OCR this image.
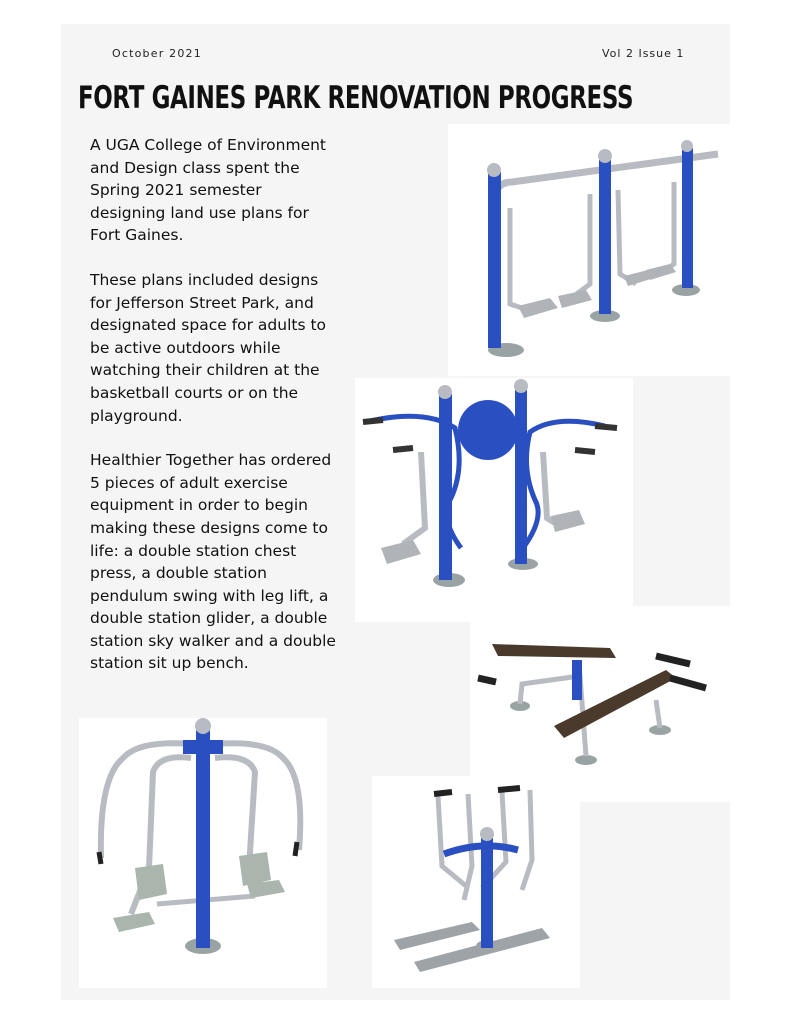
October 2021	Vol 2 Issue 1
FORT GAINES PARK RENOVATION PROGRESS

A UGA College of Environment and Design class spent the Spring 2021 semester designing land use plans for Fort Gaines.

These plans included designs for Jefferson Street Park, and designated space for adults to be active outdoors while watching their children at the basketball courts or on the playground.

Healthier Together has ordered 5 pieces of adult exercise equipment in order to begin making these designs come to life: a double station chest press, a double station pendulum swing with leg lift, a double station glider, a double station sky walker and a double station sit up bench.
